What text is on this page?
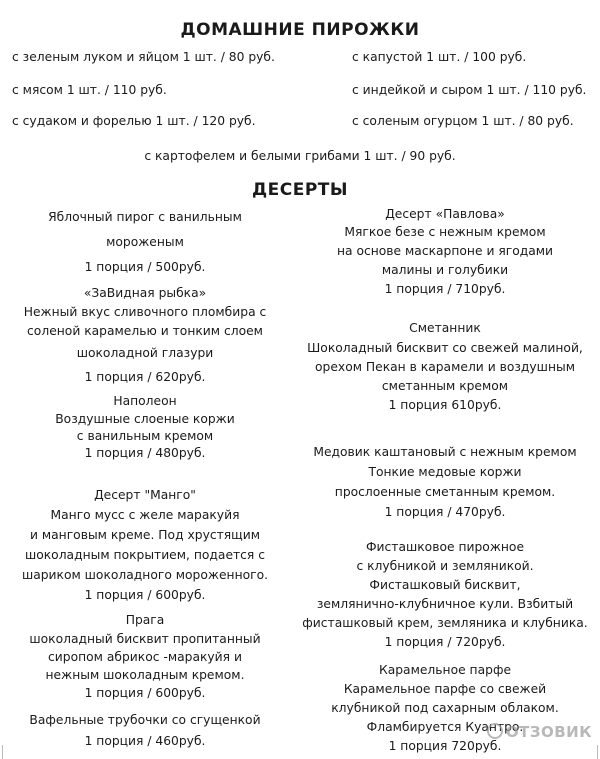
ДОМАШНИЕ ПИРОЖКИ
с зеленым луком и яйцом 1 шт. / 80 руб.
с мясом 1 шт. / 110 руб.
с судаком и форелью 1 шт. / 120 руб.
с капустой 1 шт. / 100 руб.
с индейкой и сыром 1 шт. / 110 руб.
с соленым огурцом 1 шт. / 80 руб.
с картофелем и белыми грибами 1 шт. / 90 руб.
ДЕСЕРТЫ
Яблочный пирог с ванильным
мороженым
1 порция / 500руб.
«ЗаВидная рыбка»
Нежный вкус сливочного пломбира с
соленой карамелью и тонким слоем
шоколадной глазури
1 порция / 620руб.
Наполеон
Воздушные слоеные коржи
с ванильным кремом
1 порция / 480руб.
Десерт "Манго"
Манго мусс с желе маракуйя
и манговым креме. Под хрустящим
шоколадным покрытием, подается с
шариком шоколадного мороженного.
1 порция / 600руб.
Прага
шоколадный бисквит пропитанный
сиропом абрикос -маракуйя и
нежным шоколадным кремом.
1 порция / 600руб.
Вафельные трубочки со сгущенкой
1 порция / 460руб.
Десерт «Павлова»
Мягкое безе с нежным кремом
на основе маскарпоне и ягодами
малины и голубики
1 порция / 710руб.
Сметанник
Шоколадный бисквит со свежей малиной,
орехом Пекан в карамели и воздушным
сметанным кремом
1 порция 610руб.
Медовик каштановый с нежным кремом
Тонкие медовые коржи
прослоенные сметанным кремом.
1 порция / 470руб.
Фисташковое пирожное
с клубникой и земляникой.
Фисташковый бисквит,
землянично-клубничное кули. Взбитый
фисташковый крем, земляника и клубника.
1 порция / 720руб.
Карамельное парфе
Карамельное парфе со свежей
клубникой под сахарным облаком.
Фламбируется Куантро.
1 порция 720руб.
ОТЗОВИК
